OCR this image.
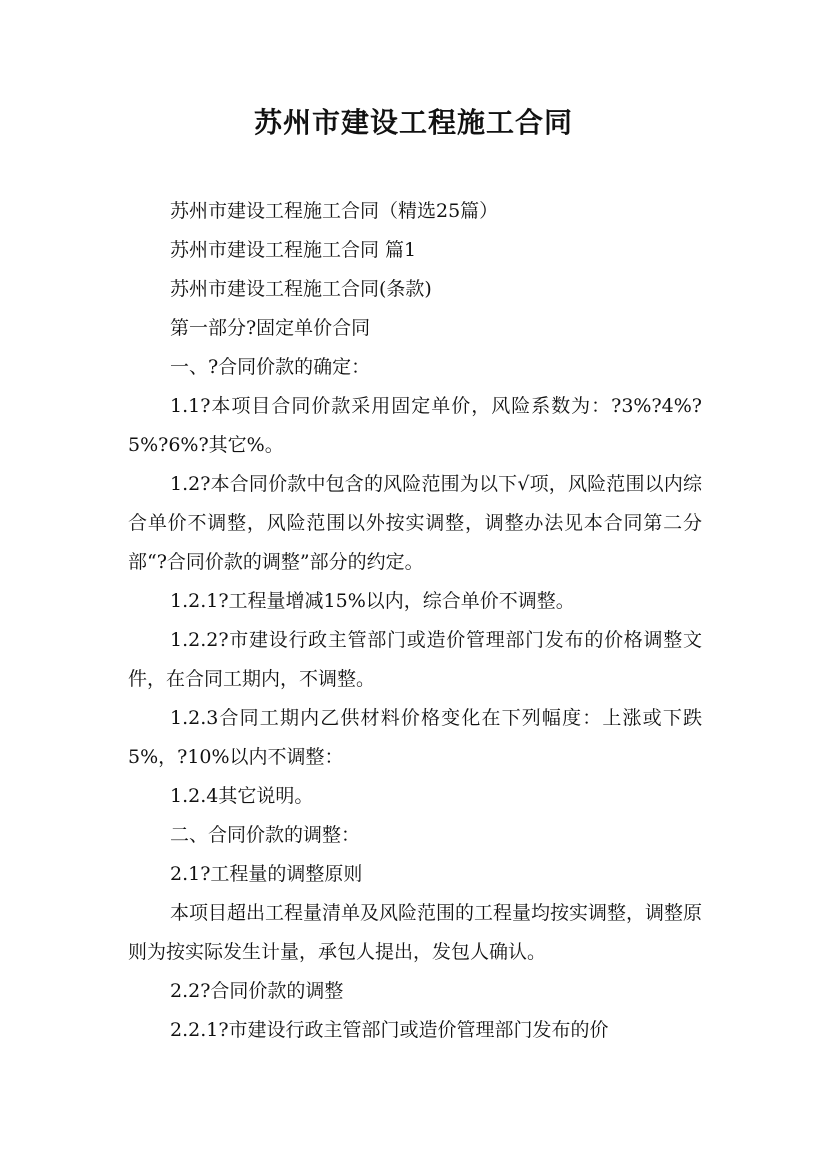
苏州市建设工程施工合同

苏州市建设工程施工合同（精选25篇）

苏州市建设工程施工合同 篇1

苏州市建设工程施工合同(条款)

第一部分?固定单价合同

一、?合同价款的确定：

1.1?本项目合同价款采用固定单价，风险系数为：?3%?4%?5%?6%?其它%。

1.2?本合同价款中包含的风险范围为以下√项，风险范围以内综合单价不调整，风险范围以外按实调整，调整办法见本合同第二分部“?合同价款的调整”部分的约定。

1.2.1?工程量增减15%以内，综合单价不调整。

1.2.2?市建设行政主管部门或造价管理部门发布的价格调整文件，在合同工期内，不调整。

1.2.3合同工期内乙供材料价格变化在下列幅度：上涨或下跌5%，?10%以内不调整：

1.2.4其它说明。

二、合同价款的调整：

2.1?工程量的调整原则

本项目超出工程量清单及风险范围的工程量均按实调整，调整原则为按实际发生计量，承包人提出，发包人确认。

2.2?合同价款的调整

2.2.1?市建设行政主管部门或造价管理部门发布的价
